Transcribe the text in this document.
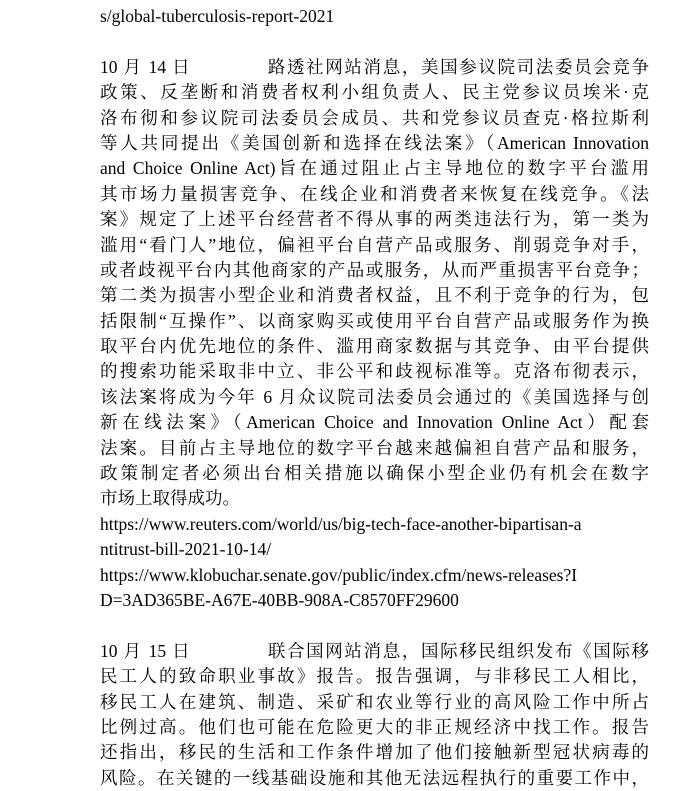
s/global-tuberculosis-report-2021
10 月 14 日　　　　路透社网站消息，美国参议院司法委员会竞争
政策、反垄断和消费者权利小组负责人、民主党参议员埃米·克
洛布彻和参议院司法委员会成员、共和党参议员查克·格拉斯利
等人共同提出《美国创新和选择在线法案》（American Innovation
and Choice Online Act)旨在通过阻止占主导地位的数字平台滥用
其市场力量损害竞争、在线企业和消费者来恢复在线竞争。《法
案》规定了上述平台经营者不得从事的两类违法行为，第一类为
滥用“看门人”地位，偏袒平台自营产品或服务、削弱竞争对手，
或者歧视平台内其他商家的产品或服务，从而严重损害平台竞争；
第二类为损害小型企业和消费者权益，且不利于竞争的行为，包
括限制“互操作”、以商家购买或使用平台自营产品或服务作为换
取平台内优先地位的条件、滥用商家数据与其竞争、由平台提供
的搜索功能采取非中立、非公平和歧视标准等。克洛布彻表示，
该法案将成为今年 6 月众议院司法委员会通过的《美国选择与创
新在线法案》（American Choice and Innovation Online Act）配套
法案。目前占主导地位的数字平台越来越偏袒自营产品和服务，
政策制定者必须出台相关措施以确保小型企业仍有机会在数字
市场上取得成功。
https://www.reuters.com/world/us/big-tech-face-another-bipartisan-a
ntitrust-bill-2021-10-14/
https://www.klobuchar.senate.gov/public/index.cfm/news-releases?I
D=3AD365BE-A67E-40BB-908A-C8570FF29600
10 月 15 日　　　　联合国网站消息，国际移民组织发布《国际移
民工人的致命职业事故》报告。报告强调，与非移民工人相比，
移民工人在建筑、制造、采矿和农业等行业的高风险工作中所占
比例过高。他们也可能在危险更大的非正规经济中找工作。报告
还指出，移民的生活和工作条件增加了他们接触新型冠状病毒的
风险。在关键的一线基础设施和其他无法远程执行的重要工作中，
